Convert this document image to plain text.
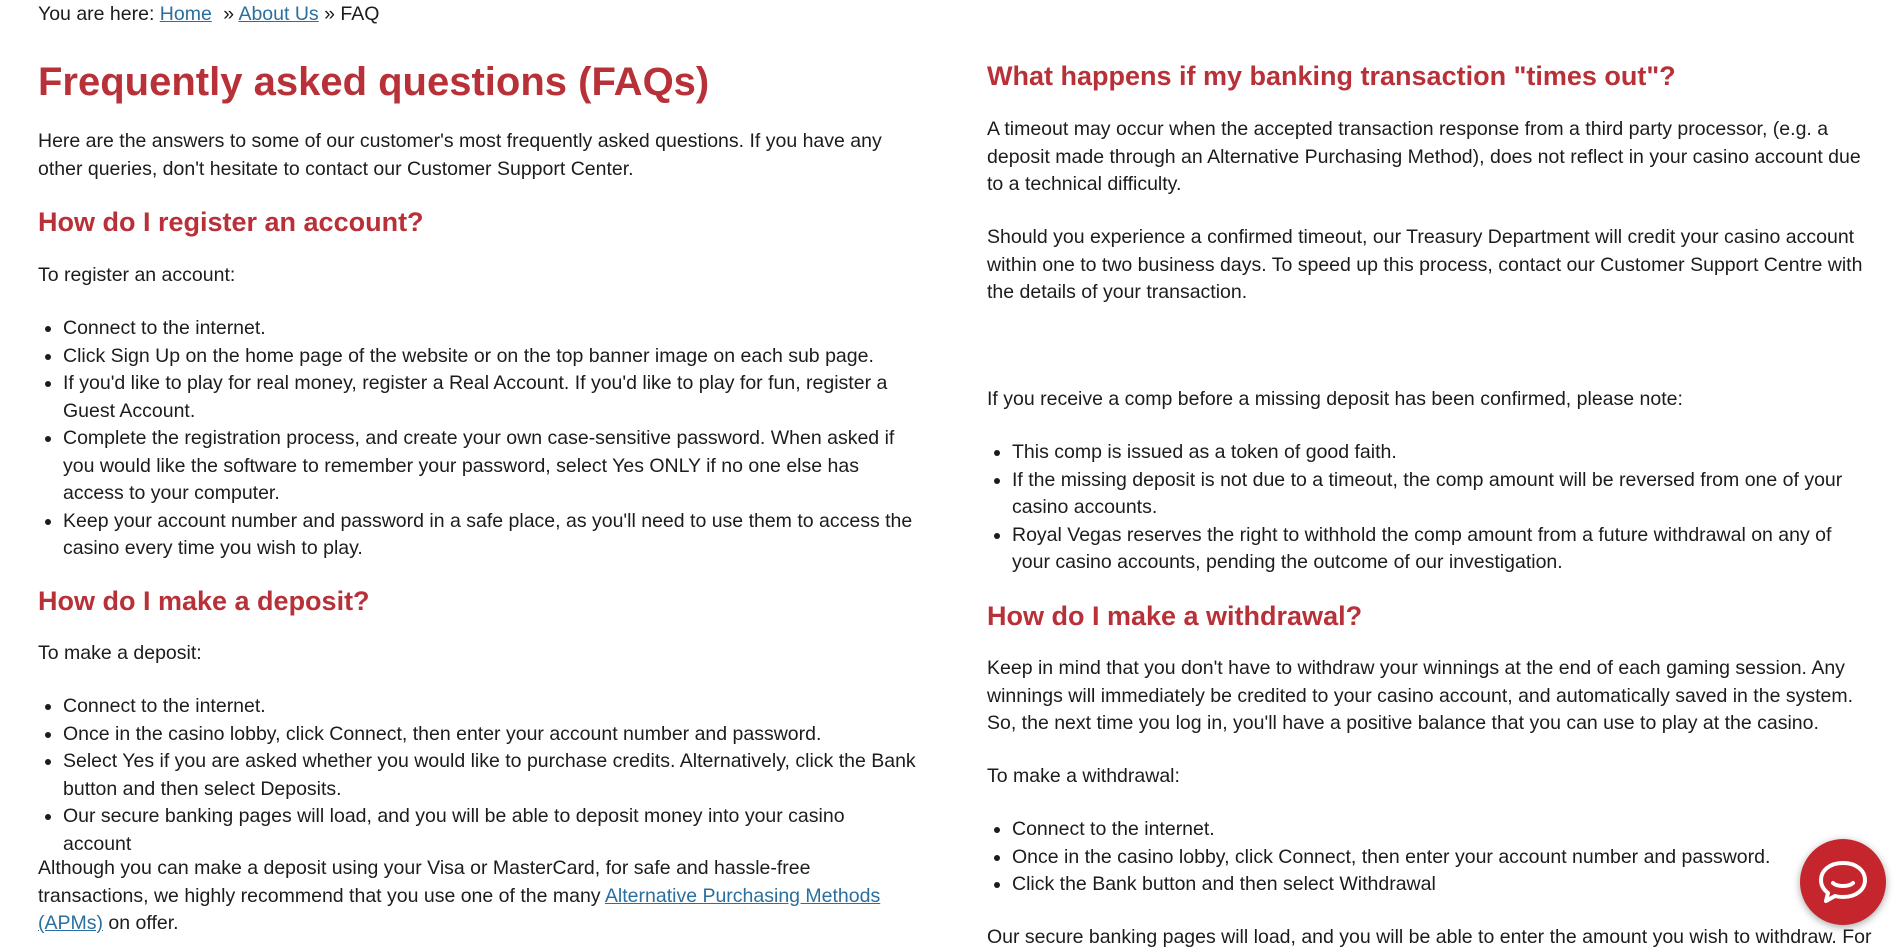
You are here: Home » About Us » FAQ
Frequently asked questions (FAQs)

Here are the answers to some of our customer's most frequently asked questions. If you have any other queries, don't hesitate to contact our Customer Support Center.

How do I register an account?

To register an account:

• Connect to the internet.
• Click Sign Up on the home page of the website or on the top banner image on each sub page.
• If you'd like to play for real money, register a Real Account. If you'd like to play for fun, register a Guest Account.
• Complete the registration process, and create your own case-sensitive password. When asked if you would like the software to remember your password, select Yes ONLY if no one else has access to your computer.
• Keep your account number and password in a safe place, as you'll need to use them to access the casino every time you wish to play.
How do I make a deposit?

To make a deposit:

• Connect to the internet.
• Once in the casino lobby, click Connect, then enter your account number and password.
• Select Yes if you are asked whether you would like to purchase credits. Alternatively, click the Bank button and then select Deposits.
• Our secure banking pages will load, and you will be able to deposit money into your casino account

Although you can make a deposit using your Visa or MasterCard, for safe and hassle-free transactions, we highly recommend that you use one of the many Alternative Purchasing Methods (APMs) on offer.

What happens if my banking transaction "times out"?

A timeout may occur when the accepted transaction response from a third party processor, (e.g. a deposit made through an Alternative Purchasing Method), does not reflect in your casino account due to a technical difficulty.

Should you experience a confirmed timeout, our Treasury Department will credit your casino account within one to two business days. To speed up this process, contact our Customer Support Centre with the details of your transaction.

If you receive a comp before a missing deposit has been confirmed, please note:

• This comp is issued as a token of good faith.
• If the missing deposit is not due to a timeout, the comp amount will be reversed from one of your casino accounts.
• Royal Vegas reserves the right to withhold the comp amount from a future withdrawal on any of your casino accounts, pending the outcome of our investigation.
How do I make a withdrawal?

Keep in mind that you don't have to withdraw your winnings at the end of each gaming session. Any winnings will immediately be credited to your casino account, and automatically saved in the system. So, the next time you log in, you'll have a positive balance that you can use to play at the casino.

To make a withdrawal:

• Connect to the internet.
• Once in the casino lobby, click Connect, then enter your account number and password.
• Click the Bank button and then select Withdrawal

Our secure banking pages will load, and you will be able to enter the amount you wish to withdraw. For
